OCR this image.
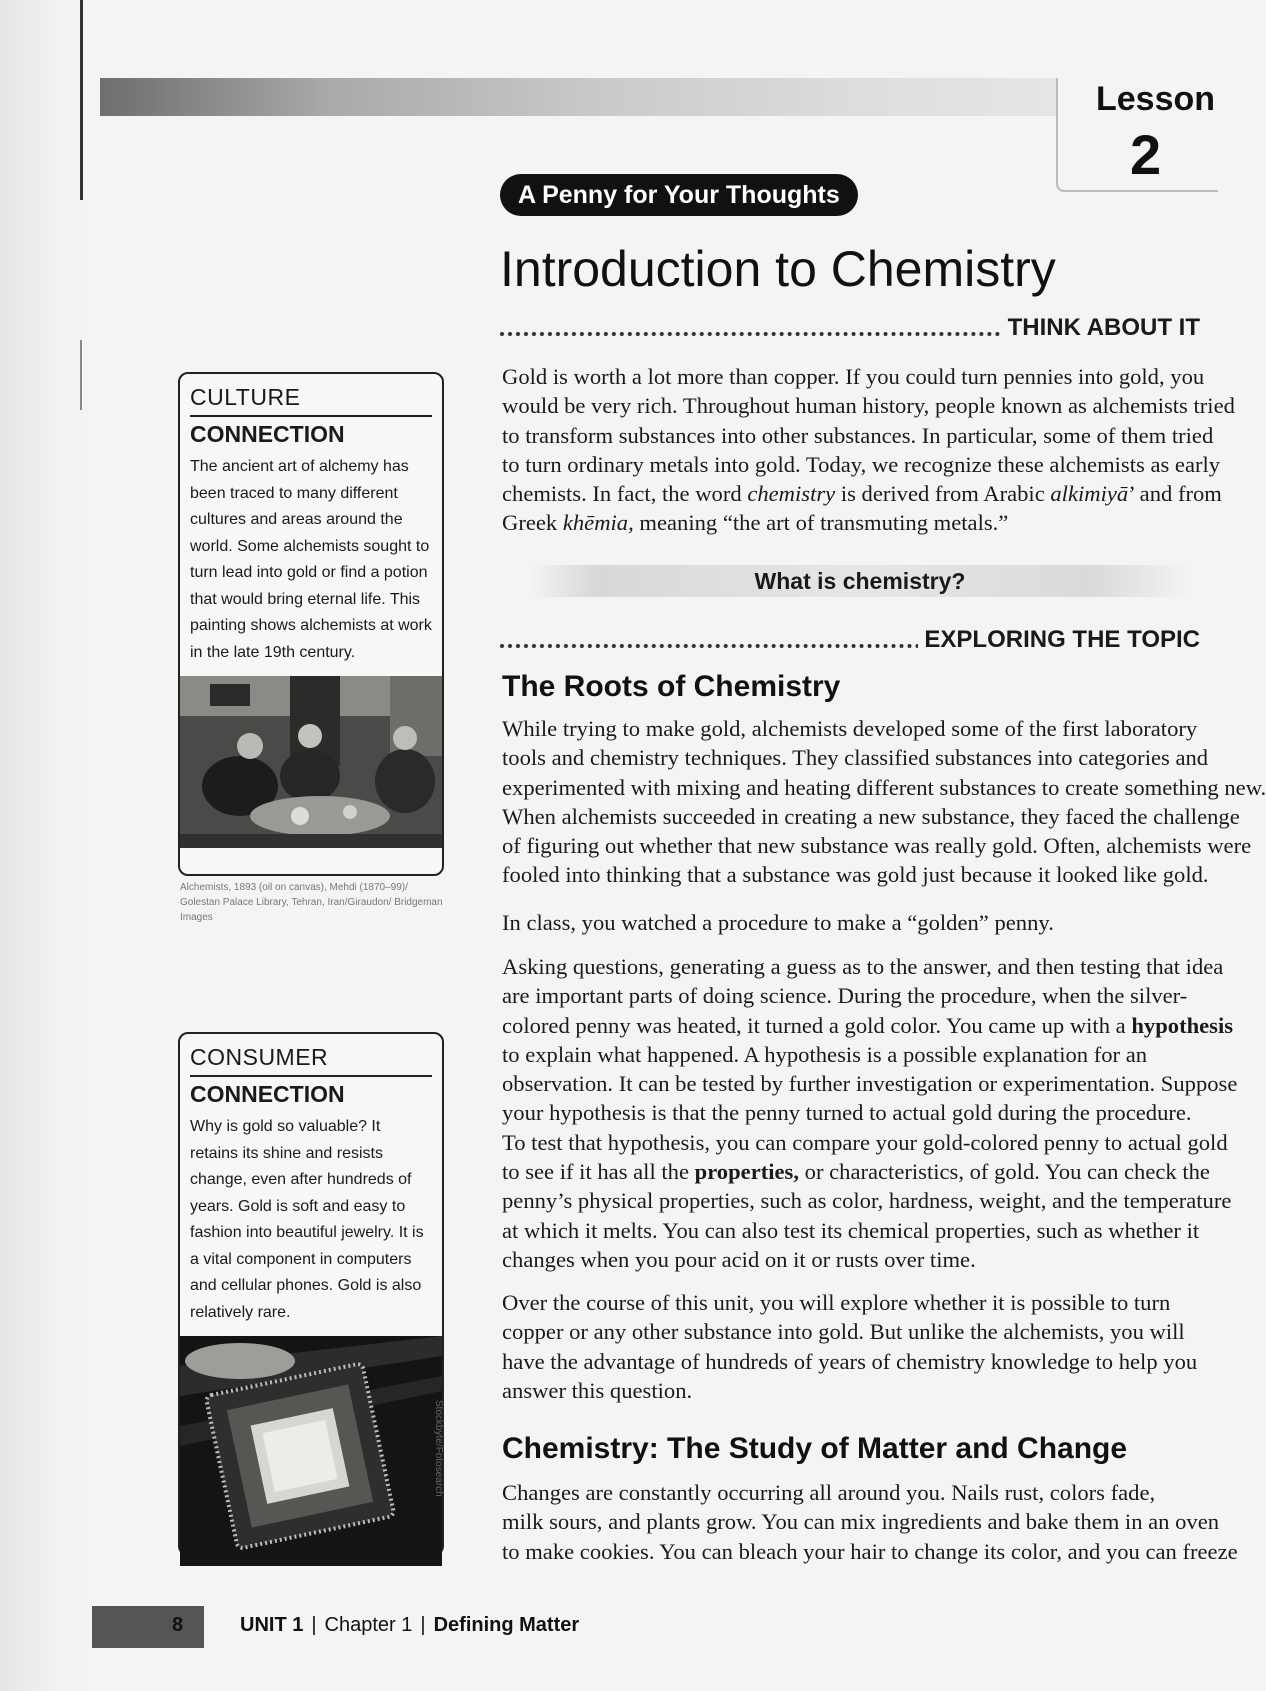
Lesson
2
A Penny for Your Thoughts
Introduction to Chemistry
THINK ABOUT IT
Gold is worth a lot more than copper. If you could turn pennies into gold, you
would be very rich. Throughout human history, people known as alchemists tried
to transform substances into other substances. In particular, some of them tried
to turn ordinary metals into gold. Today, we recognize these alchemists as early
chemists. In fact, the word chemistry is derived from Arabic alkimiyā’ and from
Greek khēmia, meaning “the art of transmuting metals.”
What is chemistry?
EXPLORING THE TOPIC
The Roots of Chemistry
While trying to make gold, alchemists developed some of the first laboratory
tools and chemistry techniques. They classified substances into categories and
experimented with mixing and heating different substances to create something new.
When alchemists succeeded in creating a new substance, they faced the challenge
of figuring out whether that new substance was really gold. Often, alchemists were
fooled into thinking that a substance was gold just because it looked like gold.
In class, you watched a procedure to make a “golden” penny.
Asking questions, generating a guess as to the answer, and then testing that idea
are important parts of doing science. During the procedure, when the silver-
colored penny was heated, it turned a gold color. You came up with a hypothesis
to explain what happened. A hypothesis is a possible explanation for an
observation. It can be tested by further investigation or experimentation. Suppose
your hypothesis is that the penny turned to actual gold during the procedure.
To test that hypothesis, you can compare your gold-colored penny to actual gold
to see if it has all the properties, or characteristics, of gold. You can check the
penny’s physical properties, such as color, hardness, weight, and the temperature
at which it melts. You can also test its chemical properties, such as whether it
changes when you pour acid on it or rusts over time.
Over the course of this unit, you will explore whether it is possible to turn
copper or any other substance into gold. But unlike the alchemists, you will
have the advantage of hundreds of years of chemistry knowledge to help you
answer this question.
Chemistry: The Study of Matter and Change
Changes are constantly occurring all around you. Nails rust, colors fade,
milk sours, and plants grow. You can mix ingredients and bake them in an oven
to make cookies. You can bleach your hair to change its color, and you can freeze
CULTURE
CONNECTION
The ancient art of alchemy has been traced to many different cultures and areas around the world. Some alchemists sought to turn lead into gold or find a potion that would bring eternal life. This painting shows alchemists at work in the late 19th century.
Alchemists, 1893 (oil on canvas), Mehdi (1870–99)/ Golestan Palace Library, Tehran, Iran/Giraudon/ Bridgeman Images
CONSUMER
CONNECTION
Why is gold so valuable? It retains its shine and resists change, even after hundreds of years. Gold is soft and easy to fashion into beautiful jewelry. It is a vital component in computers and cellular phones. Gold is also relatively rare.
Stockbyte/Fotosearch
8	UNIT 1 | Chapter 1 | Defining Matter
